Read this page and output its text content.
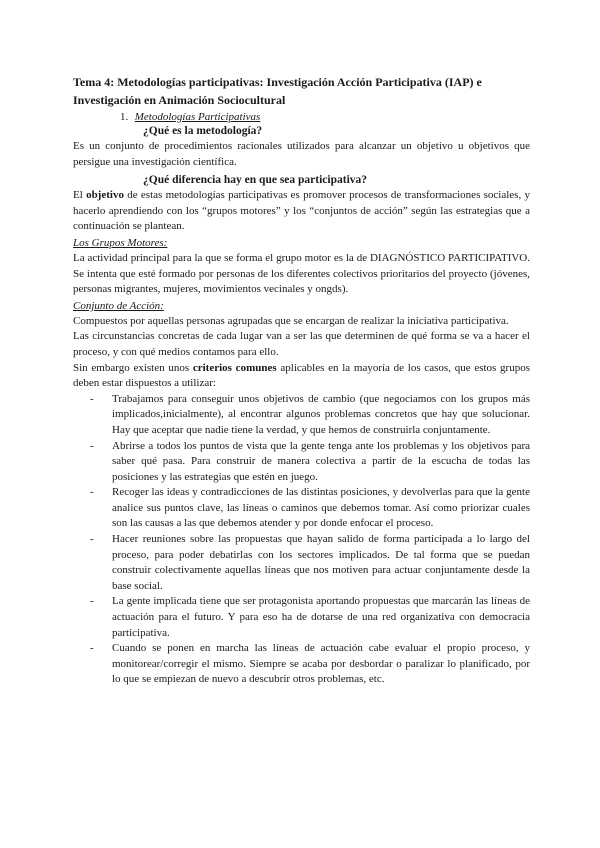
Tema 4: Metodologías participativas: Investigación Acción Participativa (IAP) e
Investigación en Animación Sociocultural
1. Metodologías Participativas
¿Qué es la metodología?

Es un conjunto de procedimientos racionales utilizados para alcanzar un objetivo u objetivos que persigue una investigación científica.

¿Qué diferencia hay en que sea participativa?

El objetivo de estas metodologías participativas es promover procesos de transformaciones sociales, y hacerlo aprendiendo con los “grupos motores” y los “conjuntos de acción” según las estrategias que a continuación se plantean.

Los Grupos Motores:

La actividad principal para la que se forma el grupo motor es la de DIAGNÓSTICO PARTICIPATIVO. Se intenta que esté formado por personas de los diferentes colectivos prioritarios del proyecto (jóvenes, personas migrantes, mujeres, movimientos vecinales y ongds).

Conjunto de Acción:

Compuestos por aquellas personas agrupadas que se encargan de realizar la iniciativa participativa.

Las circunstancias concretas de cada lugar van a ser las que determinen de qué forma se va a hacer el proceso, y con qué medios contamos para ello.

Sin embargo existen unos criterios comunes aplicables en la mayoría de los casos, que estos grupos deben estar dispuestos a utilizar:

- Trabajamos para conseguir unos objetivos de cambio (que negociamos con los grupos más implicados,inicialmente), al encontrar algunos problemas concretos que hay que solucionar. Hay que aceptar que nadie tiene la verdad, y que hemos de construirla conjuntamente.
- Abrirse a todos los puntos de vista que la gente tenga ante los problemas y los objetivos para saber qué pasa. Para construir de manera colectiva a partir de la escucha de todas las posiciones y las estrategias que estén en juego.
- Recoger las ideas y contradicciones de las distintas posiciones, y devolverlas para que la gente analice sus puntos clave, las líneas o caminos que debemos tomar. Así como priorizar cuales son las causas a las que debemos atender y por donde enfocar el proceso.
- Hacer reuniones sobre las propuestas que hayan salido de forma participada a lo largo del proceso, para poder debatirlas con los sectores implicados. De tal forma que se puedan construir colectivamente aquellas líneas que nos motiven para actuar conjuntamente desde la base social.
- La gente implicada tiene que ser protagonista aportando propuestas que marcarán las líneas de actuación para el futuro. Y para eso ha de dotarse de una red organizativa con democracia participativa.
- Cuando se ponen en marcha las líneas de actuación cabe evaluar el propio proceso, y monitorear/corregir el mismo. Siempre se acaba por desbordar o paralizar lo planificado, por lo que se empiezan de nuevo a descubrir otros problemas, etc.
